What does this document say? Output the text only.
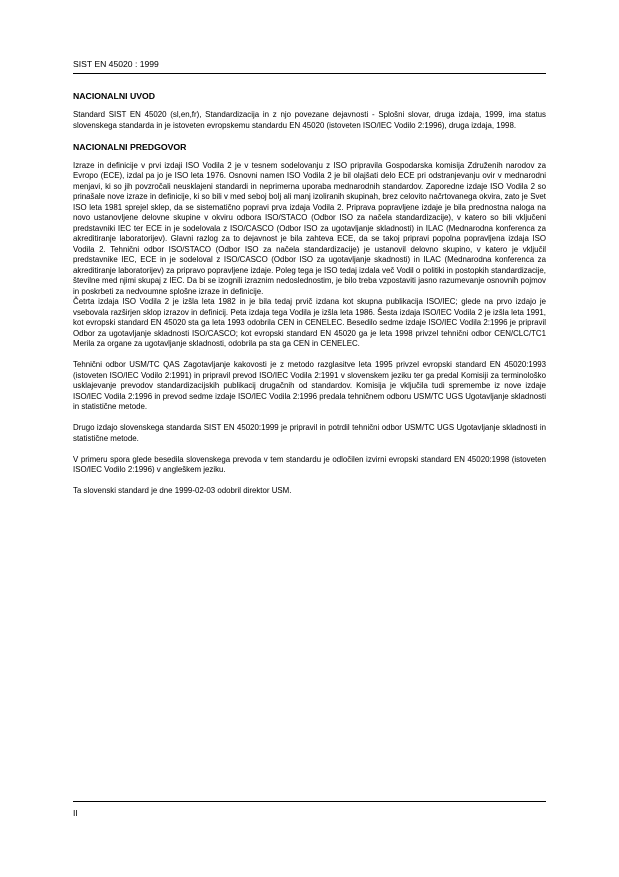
SIST EN 45020 : 1999
NACIONALNI UVOD

Standard SIST EN 45020 (sl,en,fr), Standardizacija in z njo povezane dejavnosti - Splošni slovar, druga izdaja, 1999, ima status slovenskega standarda in je istoveten evropskemu standardu EN 45020 (istoveten ISO/IEC Vodilo 2:1996), druga izdaja, 1998.

NACIONALNI PREDGOVOR

Izraze in definicije v prvi izdaji ISO Vodila 2 je v tesnem sodelovanju z ISO pripravila Gospodarska komisija Združenih narodov za Evropo (ECE), izdal pa jo je ISO leta 1976. Osnovni namen ISO Vodila 2 je bil olajšati delo ECE pri odstranjevanju ovir v mednarodni menjavi, ki so jih povzročali neusklajeni standardi in neprimerna uporaba mednarodnih standardov. Zaporedne izdaje ISO Vodila 2 so prinašale nove izraze in definicije, ki so bili v med seboj bolj ali manj izoliranih skupinah, brez celovito načrtovanega okvira, zato je Svet ISO leta 1981 sprejel sklep, da se sistematično popravi prva izdaja Vodila 2. Priprava popravljene izdaje je bila prednostna naloga na novo ustanovljene delovne skupine v okviru odbora ISO/STACO (Odbor ISO za načela standardizacije), v katero so bili vključeni predstavniki IEC ter ECE in je sodelovala z ISO/CASCO (Odbor ISO za ugotavljanje skladnosti) in ILAC (Mednarodna konferenca za akreditiranje laboratorijev). Glavni razlog za to dejavnost je bila zahteva ECE, da se takoj pripravi popolna popravljena izdaja ISO Vodila 2. Tehnični odbor ISO/STACO (Odbor ISO za načela standardizacije) je ustanovil delovno skupino, v katero je vključil predstavnike IEC, ECE in je sodeloval z ISO/CASCO (Odbor ISO za ugotavljanje skadnosti) in ILAC (Mednarodna konferenca za akreditiranje laboratorijev) za pripravo popravljene izdaje. Poleg tega je ISO tedaj izdala več Vodil o politiki in postopkih standardizacije, številne med njimi skupaj z IEC. Da bi se izognili izraznim nedoslednostim, je bilo treba vzpostaviti jasno razumevanje osnovnih pojmov in poskrbeti za nedvoumne splošne izraze in definicije.

Četrta izdaja ISO Vodila 2 je izšla leta 1982 in je bila tedaj prvič izdana kot skupna publikacija ISO/IEC; glede na prvo izdajo je vsebovala razširjen sklop izrazov in definicij. Peta izdaja tega Vodila je izšla leta 1986. Šesta izdaja ISO/IEC Vodila 2 je izšla leta 1991, kot evropski standard EN 45020 sta ga leta 1993 odobrila CEN in CENELEC. Besedilo sedme izdaje ISO/IEC Vodila 2:1996 je pripravil Odbor za ugotavljanje skladnosti ISO/CASCO; kot evropski standard EN 45020 ga je leta 1998 privzel tehnični odbor CEN/CLC/TC1 Merila za organe za ugotavljanje skladnosti, odobrila pa sta ga CEN in CENELEC.

Tehnični odbor USM/TC QAS Zagotavljanje kakovosti je z metodo razglasitve leta 1995 privzel evropski standard EN 45020:1993 (istoveten ISO/IEC Vodilo 2:1991) in pripravil prevod ISO/IEC Vodila 2:1991 v slovenskem jeziku ter ga predal Komisiji za terminološko usklajevanje prevodov standardizacijskih publikacij drugačnih od standardov. Komisija je vključila tudi spremembe iz nove izdaje ISO/IEC Vodila 2:1996 in prevod sedme izdaje ISO/IEC Vodila 2:1996 predala tehničnem odboru USM/TC UGS Ugotavljanje skladnosti in statistične metode.

Drugo izdajo slovenskega standarda SIST EN 45020:1999 je pripravil in potrdil tehnični odbor USM/TC UGS Ugotavljanje skladnosti in statistične metode.

V primeru spora glede besedila slovenskega prevoda v tem standardu je odločilen izvirni evropski standard EN 45020:1998 (istoveten ISO/IEC Vodilo 2:1996) v angleškem jeziku.

Ta slovenski standard je dne 1999-02-03 odobril direktor USM.

II
